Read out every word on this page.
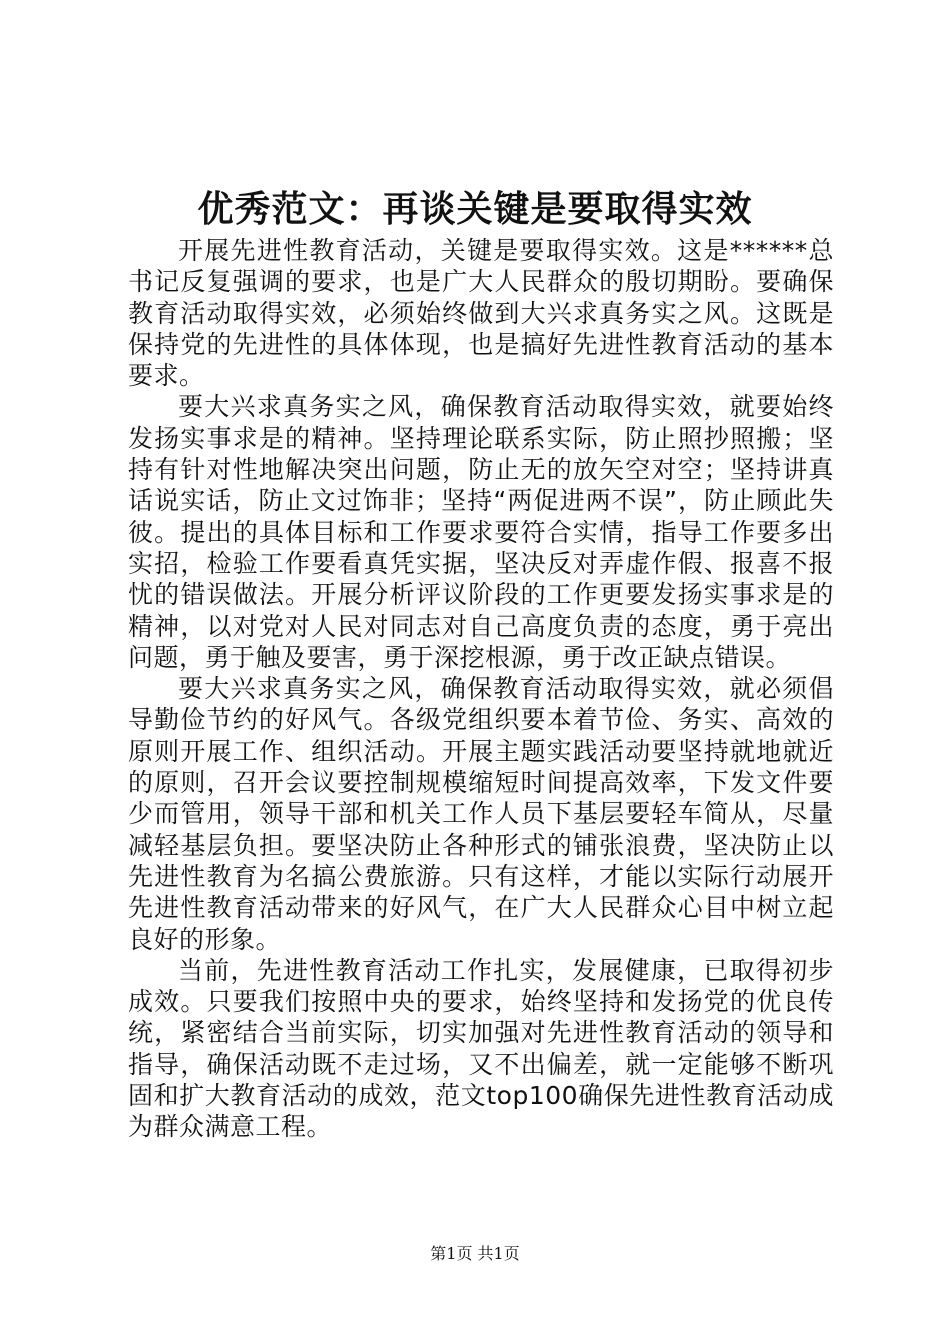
优秀范文：再谈关键是要取得实效

开展先进性教育活动，关键是要取得实效。这是******总书记反复强调的要求，也是广大人民群众的殷切期盼。要确保教育活动取得实效，必须始终做到大兴求真务实之风。这既是保持党的先进性的具体体现，也是搞好先进性教育活动的基本要求。

要大兴求真务实之风，确保教育活动取得实效，就要始终发扬实事求是的精神。坚持理论联系实际，防止照抄照搬；坚持有针对性地解决突出问题，防止无的放矢空对空；坚持讲真话说实话，防止文过饰非；坚持“两促进两不误”，防止顾此失彼。提出的具体目标和工作要求要符合实情，指导工作要多出实招，检验工作要看真凭实据，坚决反对弄虚作假、报喜不报忧的错误做法。开展分析评议阶段的工作更要发扬实事求是的精神，以对党对人民对同志对自己高度负责的态度，勇于亮出问题，勇于触及要害，勇于深挖根源，勇于改正缺点错误。

要大兴求真务实之风，确保教育活动取得实效，就必须倡导勤俭节约的好风气。各级党组织要本着节俭、务实、高效的原则开展工作、组织活动。开展主题实践活动要坚持就地就近的原则，召开会议要控制规模缩短时间提高效率，下发文件要少而管用，领导干部和机关工作人员下基层要轻车简从，尽量减轻基层负担。要坚决防止各种形式的铺张浪费，坚决防止以先进性教育为名搞公费旅游。只有这样，才能以实际行动展开先进性教育活动带来的好风气，在广大人民群众心目中树立起良好的形象。

当前，先进性教育活动工作扎实，发展健康，已取得初步成效。只要我们按照中央的要求，始终坚持和发扬党的优良传统，紧密结合当前实际，切实加强对先进性教育活动的领导和指导，确保活动既不走过场，又不出偏差，就一定能够不断巩固和扩大教育活动的成效，范文top100确保先进性教育活动成为群众满意工程。

第1页 共1页
